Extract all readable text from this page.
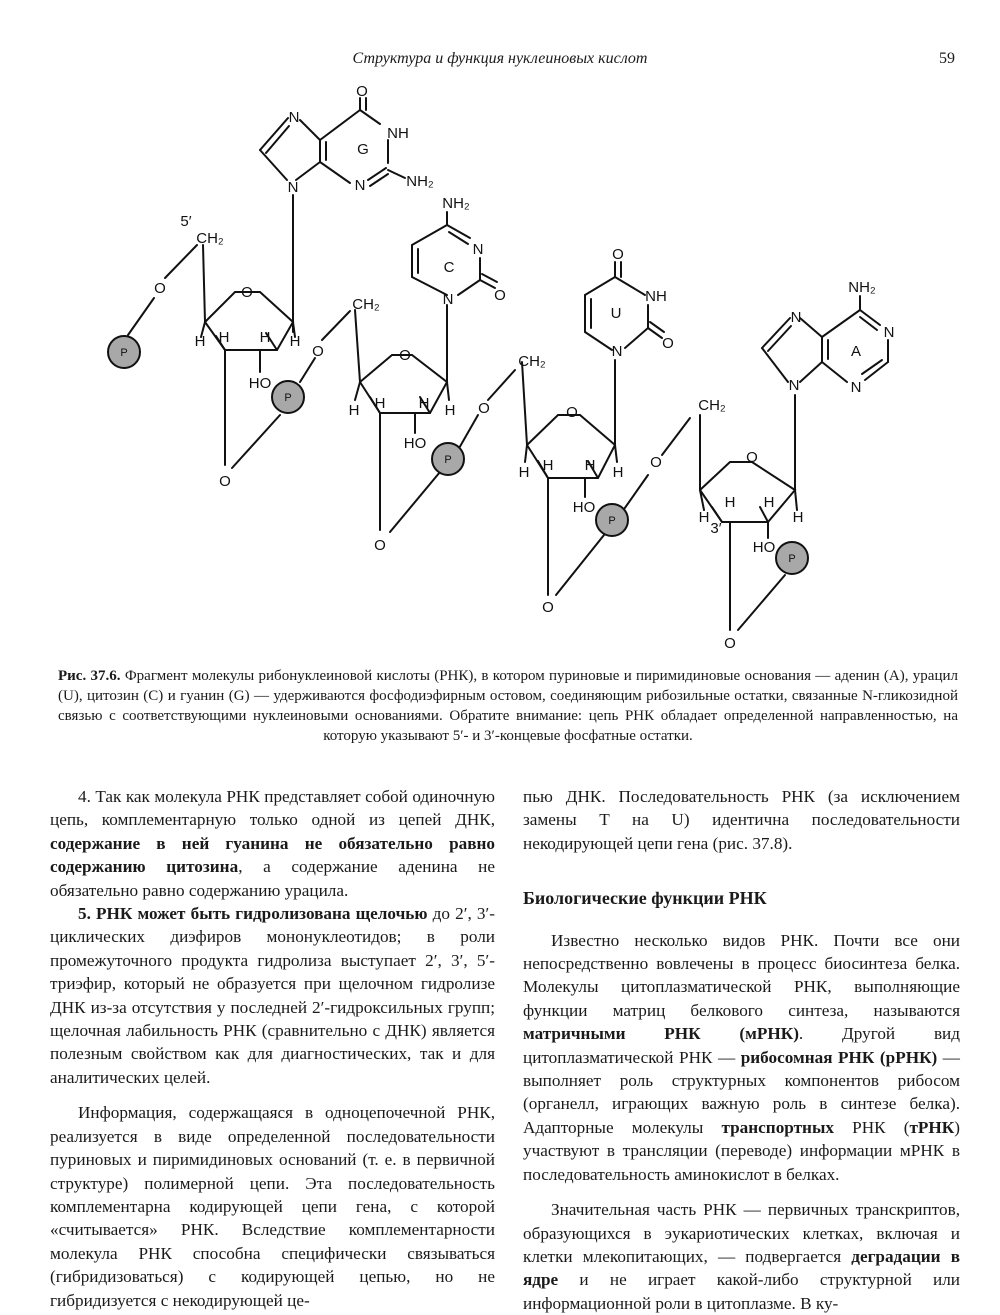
Структура и функция нуклеиновых кислот	59
P
P
P
P
P
O
N
NH
G
N	N	NH₂
5′
CH₂
O	O
H H H H
HO
O
O
NH₂
N
C
O
N
CH₂
O
H H H H
HO
O
O
O
NH
U
O
N
CH₂
O
H H H H
HO
O
O
NH₂
N
N
A
N	N
CH₂
O
H
H H
H
3′
HO
O
Рис. 37.6. Фрагмент молекулы рибонуклеиновой кислоты (РНК), в котором пуриновые и пиримидиновые основания — аденин (А), урацил (U), цитозин (С) и гуанин (G) — удерживаются фосфодиэфирным остовом, соединяющим рибозильные остатки, связанные N-гликозидной связью с соответствующими нуклеиновыми основаниями. Обратите внимание: цепь РНК обладает определенной направленностью, на которую указывают 5′- и 3′-концевые фосфатные остатки.

4. Так как молекула РНК представляет собой одиночную цепь, комплементарную только одной из цепей ДНК, содержание в ней гуанина не обязательно равно содержанию цитозина, а содержание аденина не обязательно равно содержанию урацила.

5. РНК может быть гидролизована щелочью до 2′, 3′-циклических диэфиров мононуклеотидов; в роли промежуточного продукта гидролиза выступает 2′, 3′, 5′-триэфир, который не образуется при щелочном гидролизе ДНК из-за отсутствия у последней 2′-гидроксильных групп; щелочная лабильность РНК (сравнительно с ДНК) является полезным свойством как для диагностических, так и для аналитических целей.

Информация, содержащаяся в одноцепочечной РНК, реализуется в виде определенной последовательности пуриновых и пиримидиновых оснований (т. е. в первичной структуре) полимерной цепи. Эта последовательность комплементарна кодирующей цепи гена, с которой «считывается» РНК. Вследствие комплементарности молекула РНК способна специфически связываться (гибридизоваться) с кодирующей цепью, но не гибридизуется с некодирующей це-

пью ДНК. Последовательность РНК (за исключением замены T на U) идентична последовательности некодирующей цепи гена (рис. 37.8).

Биологические функции РНК

Известно несколько видов РНК. Почти все они непосредственно вовлечены в процесс биосинтеза белка. Молекулы цитоплазматической РНК, выполняющие функции матриц белкового синтеза, называются матричными РНК (мРНК). Другой вид цитоплазматической РНК — рибосомная РНК (рРНК) — выполняет роль структурных компонентов рибосом (органелл, играющих важную роль в синтезе белка). Адапторные молекулы транспортных РНК (тРНК) участвуют в трансляции (переводе) информации мРНК в последовательность аминокислот в белках.

Значительная часть РНК — первичных транскриптов, образующихся в эукариотических клетках, включая и клетки млекопитающих, — подвергается деградации в ядре и не играет какой-либо структурной или информационной роли в цитоплазме. В ку-
